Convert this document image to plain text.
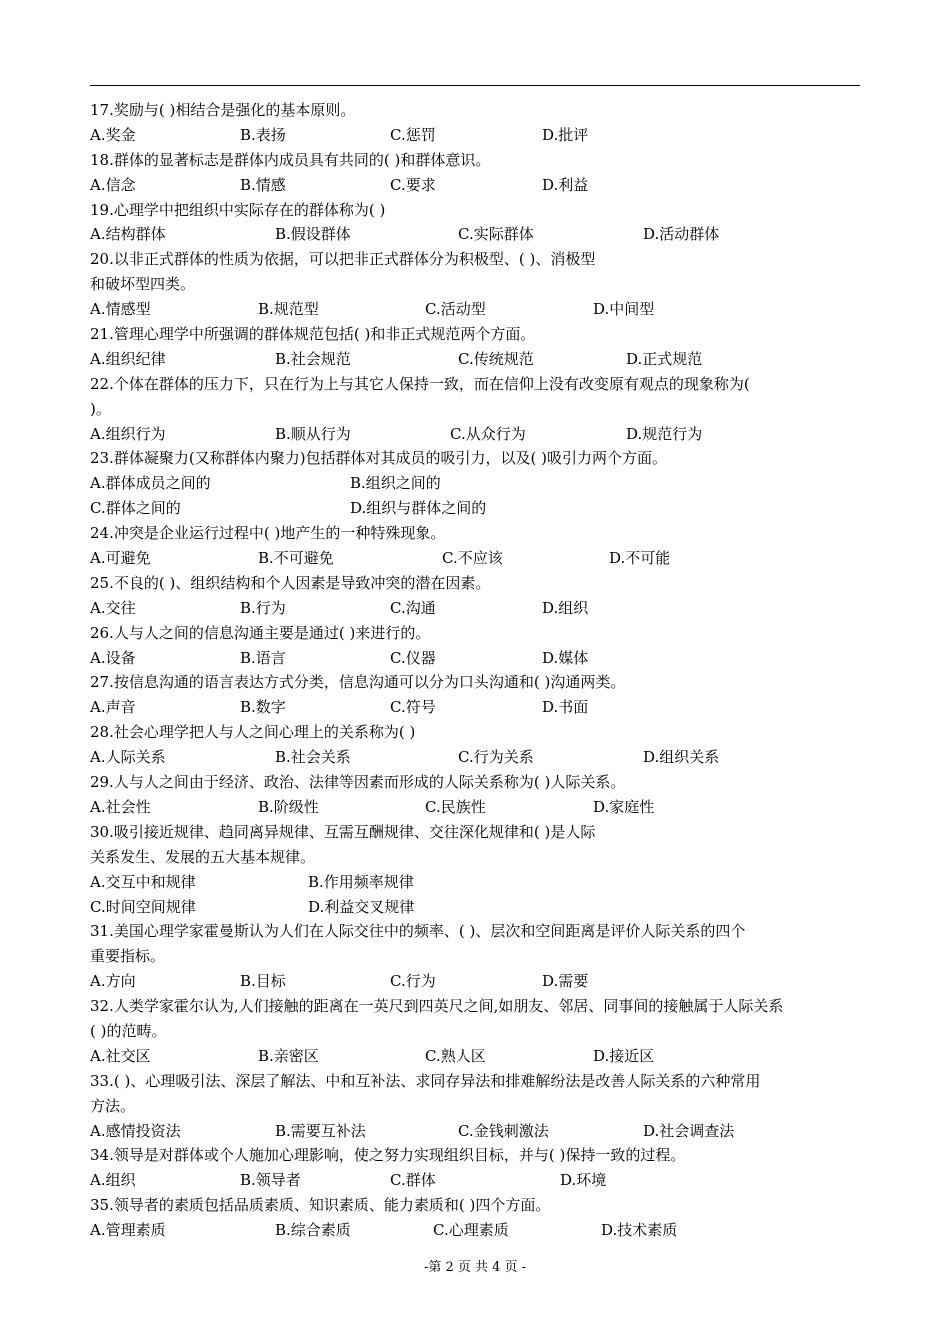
17.奖励与( )相结合是强化的基本原则。
A.奖金	B.表扬	C.惩罚	D.批评
18.群体的显著标志是群体内成员具有共同的( )和群体意识。
A.信念	B.情感	C.要求	D.利益
19.心理学中把组织中实际存在的群体称为( )
A.结构群体	B.假设群体	C.实际群体	D.活动群体
20.以非正式群体的性质为依据，可以把非正式群体分为积极型、( )、消极型
和破坏型四类。
A.情感型	B.规范型	C.活动型	D.中间型
21.管理心理学中所强调的群体规范包括( )和非正式规范两个方面。
A.组织纪律	B.社会规范	C.传统规范	D.正式规范
22.个体在群体的压力下，只在行为上与其它人保持一致，而在信仰上没有改变原有观点的现象称为(
)。
A.组织行为	B.顺从行为	C.从众行为	D.规范行为
23.群体凝聚力(又称群体内聚力)包括群体对其成员的吸引力，以及( )吸引力两个方面。
A.群体成员之间的	B.组织之间的
C.群体之间的	D.组织与群体之间的
24.冲突是企业运行过程中( )地产生的一种特殊现象。
A.可避免	B.不可避免	C.不应该	D.不可能
25.不良的( )、组织结构和个人因素是导致冲突的潜在因素。
A.交往	B.行为	C.沟通	D.组织
26.人与人之间的信息沟通主要是通过( )来进行的。
A.设备	B.语言	C.仪器	D.媒体
27.按信息沟通的语言表达方式分类，信息沟通可以分为口头沟通和( )沟通两类。
A.声音	B.数字	C.符号	D.书面
28.社会心理学把人与人之间心理上的关系称为( )
A.人际关系	B.社会关系	C.行为关系	D.组织关系
29.人与人之间由于经济、政治、法律等因素而形成的人际关系称为( )人际关系。
A.社会性	B.阶级性	C.民族性	D.家庭性
30.吸引接近规律、趋同离异规律、互需互酬规律、交往深化规律和( )是人际
关系发生、发展的五大基本规律。
A.交互中和规律	B.作用频率规律
C.时间空间规律	D.利益交叉规律
31.美国心理学家霍曼斯认为人们在人际交往中的频率、( )、层次和空间距离是评价人际关系的四个
重要指标。
A.方向	B.目标	C.行为	D.需要
32.人类学家霍尔认为,人们接触的距离在一英尺到四英尺之间,如朋友、邻居、同事间的接触属于人际关系
( )的范畴。
A.社交区	B.亲密区	C.熟人区	D.接近区
33.( )、心理吸引法、深层了解法、中和互补法、求同存异法和排难解纷法是改善人际关系的六种常用
方法。
A.感情投资法	B.需要互补法	C.金钱刺激法	D.社会调查法
34.领导是对群体或个人施加心理影响，使之努力实现组织目标，并与( )保持一致的过程。
A.组织	B.领导者	C.群体	D.环境
35.领导者的素质包括品质素质、知识素质、能力素质和( )四个方面。
A.管理素质	B.综合素质	C.心理素质	D.技术素质
-第 2 页 共 4 页 -
